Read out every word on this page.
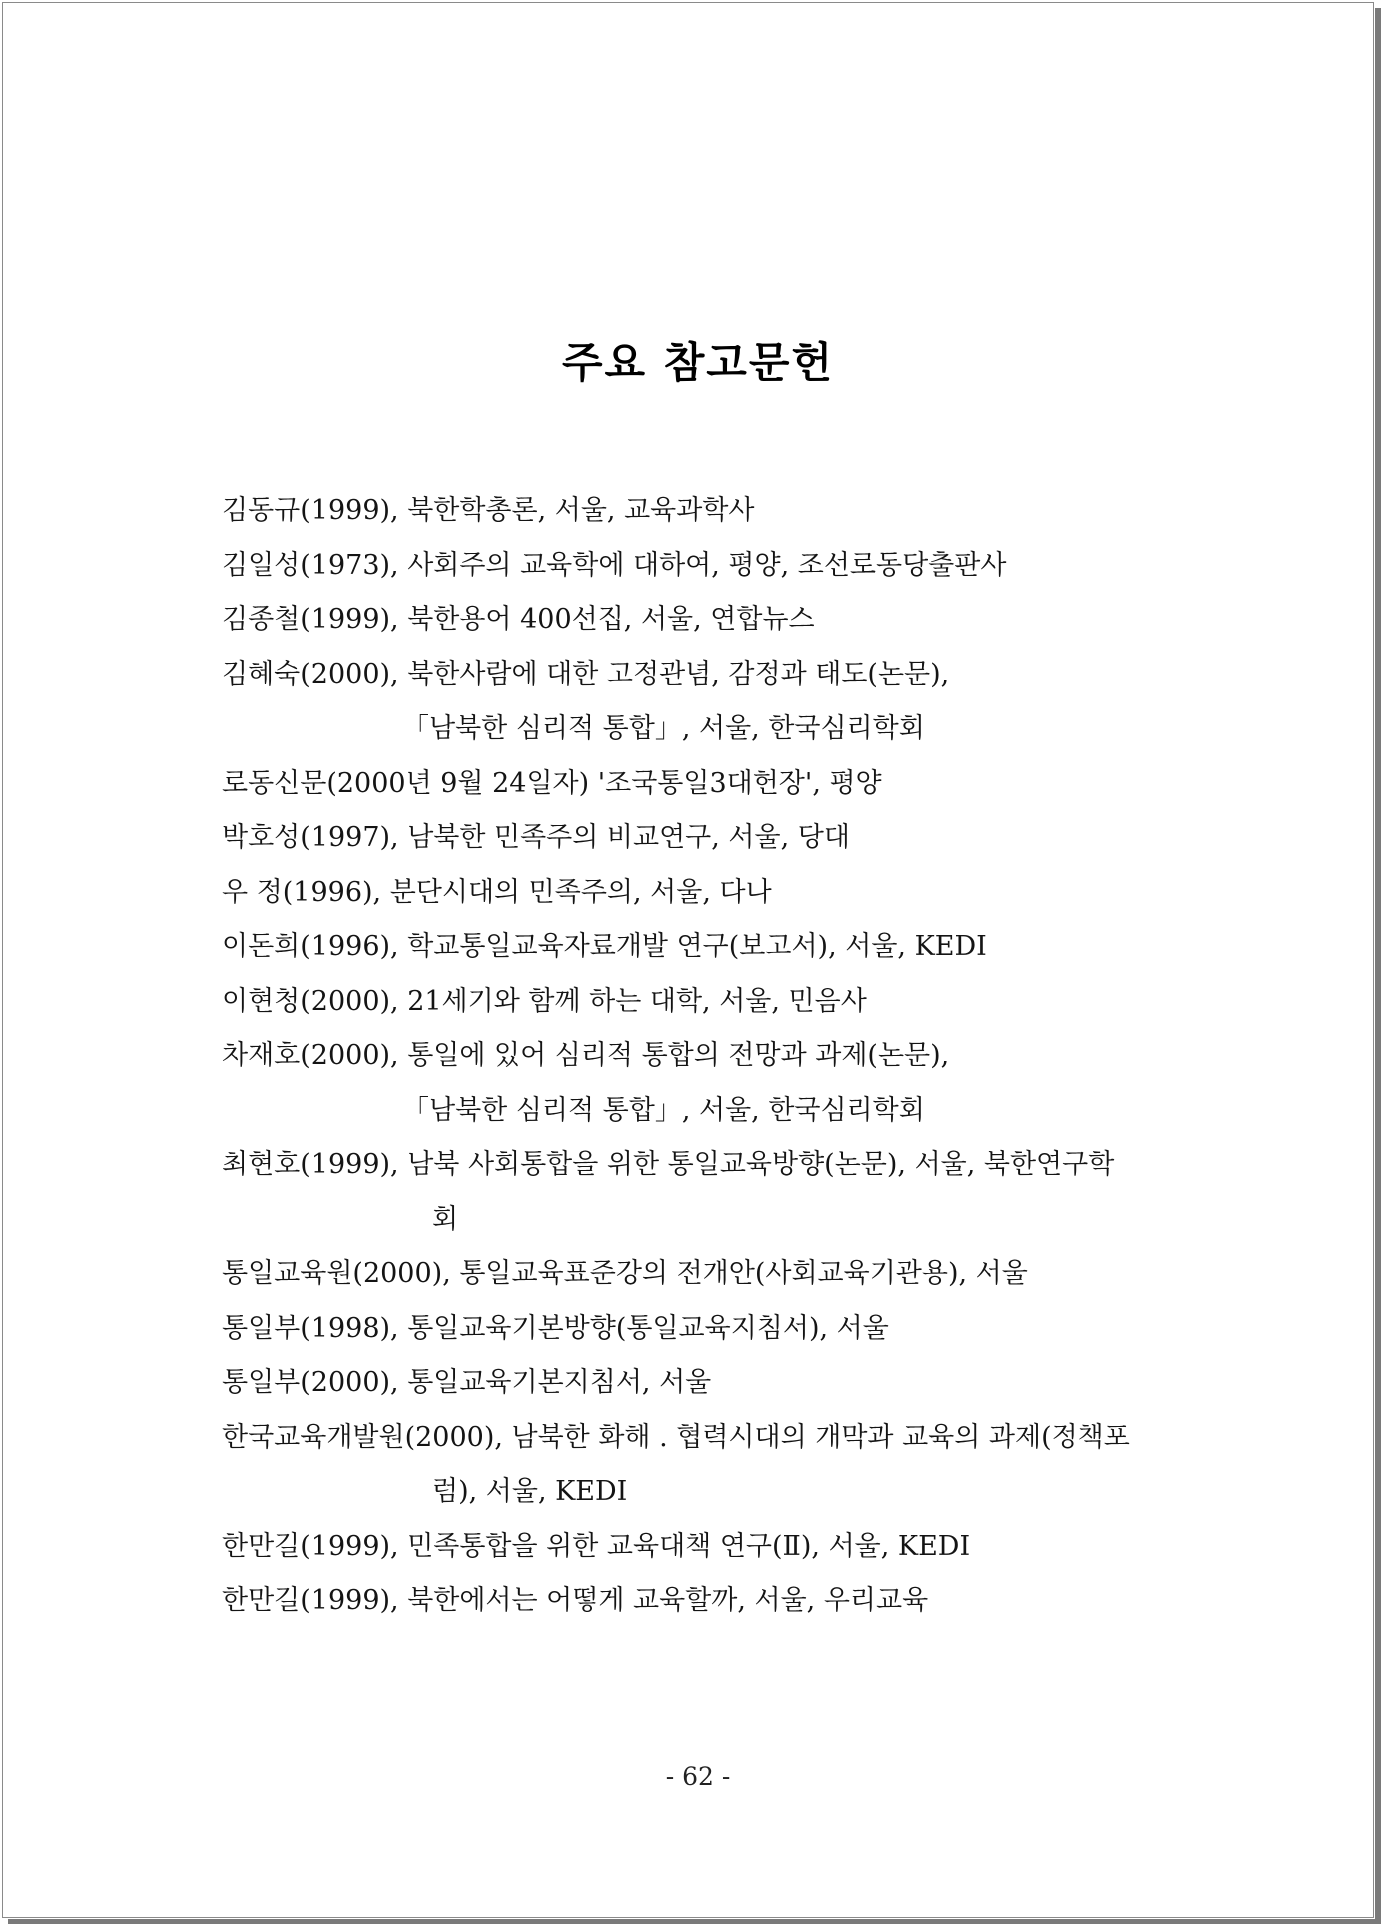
주요 참고문헌
김동규(1999), 북한학총론, 서울, 교육과학사
김일성(1973), 사회주의 교육학에 대하여, 평양, 조선로동당출판사
김종철(1999), 북한용어 400선집, 서울, 연합뉴스
김혜숙(2000), 북한사람에 대한 고정관념, 감정과 태도(논문),
「남북한 심리적 통합」, 서울, 한국심리학회
로동신문(2000년 9월 24일자) '조국통일3대헌장', 평양
박호성(1997), 남북한 민족주의 비교연구, 서울, 당대
우 정(1996), 분단시대의 민족주의, 서울, 다나
이돈희(1996), 학교통일교육자료개발 연구(보고서), 서울, KEDI
이현청(2000), 21세기와 함께 하는 대학, 서울, 민음사
차재호(2000), 통일에 있어 심리적 통합의 전망과 과제(논문),
「남북한 심리적 통합」, 서울, 한국심리학회
최현호(1999), 남북 사회통합을 위한 통일교육방향(논문), 서울, 북한연구학
회
통일교육원(2000), 통일교육표준강의 전개안(사회교육기관용), 서울
통일부(1998), 통일교육기본방향(통일교육지침서), 서울
통일부(2000), 통일교육기본지침서, 서울
한국교육개발원(2000), 남북한 화해 . 협력시대의 개막과 교육의 과제(정책포
럼), 서울, KEDI
한만길(1999), 민족통합을 위한 교육대책 연구(Ⅱ), 서울, KEDI
한만길(1999), 북한에서는 어떻게 교육할까, 서울, 우리교육
- 62 -
